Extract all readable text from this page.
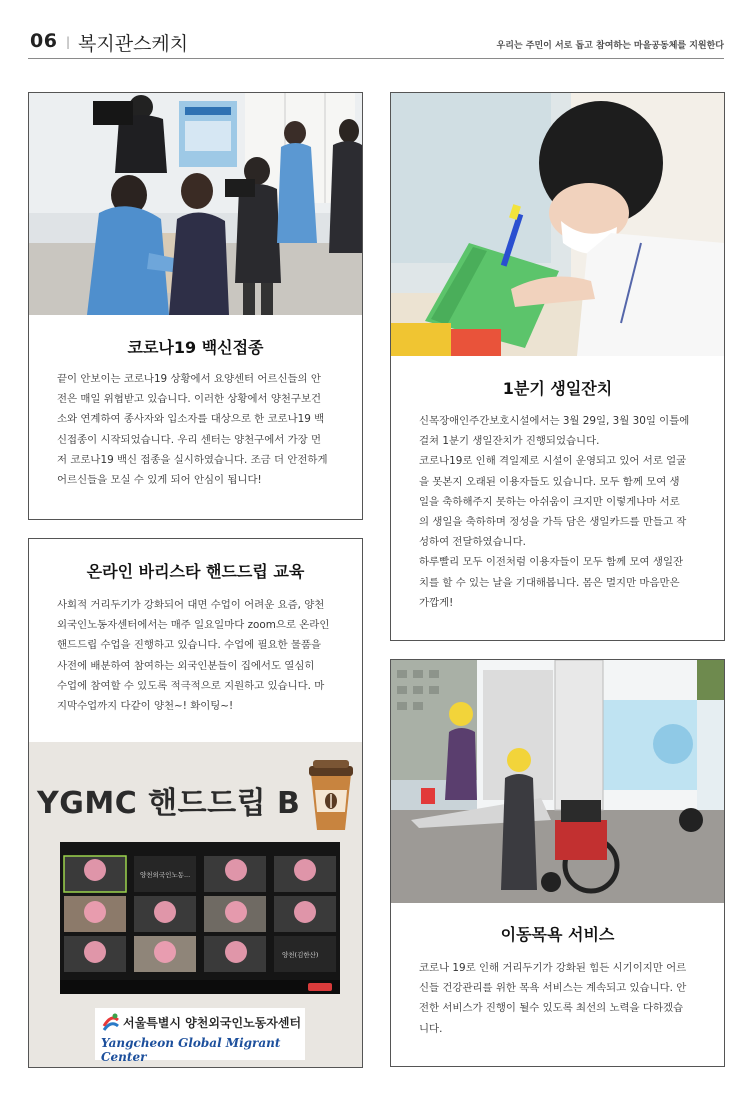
06 | 복지관스케치	우리는 주민이 서로 돕고 참여하는 마을공동체를 지원한다
코로나19 백신접종

끝이 안보이는 코로나19 상황에서 요양센터 어르신들의 안
전은 매일 위협받고 있습니다. 이러한 상황에서 양천구보건
소와 연계하여 종사자와 입소자를 대상으로 한 코로나19 백
신접종이 시작되었습니다. 우리 센터는 양천구에서 가장 먼
저 코로나19 백신 접종을 실시하였습니다. 조금 더 안전하게
어르신들을 모실 수 있게 되어 안심이 됩니다!

1분기 생일잔치

신목장애인주간보호시설에서는 3월 29일, 3월 30일 이틀에
걸쳐 1분기 생일잔치가 진행되었습니다.
코로나19로 인해 격일제로 시설이 운영되고 있어 서로 얼굴
을 못본지 오래된 이용자들도 있습니다. 모두 함께 모여 생
일을 축하해주지 못하는 아쉬움이 크지만 이렇게나마 서로
의 생일을 축하하며 정성을 가득 담은 생일카드를 만들고 작
성하여 전달하였습니다.
하루빨리 모두 이전처럼 이용자들이 모두 함께 모여 생일잔
치를 할 수 있는 날을 기대해봅니다. 몸은 멀지만 마음만은
가깝게!

온라인 바리스타 핸드드립 교육

사회적 거리두기가 강화되어 대면 수업이 어려운 요즘, 양천
외국인노동자센터에서는 매주 일요일마다 zoom으로 온라인
핸드드립 수업을 진행하고 있습니다. 수업에 필요한 물품을
사전에 배분하여 참여하는 외국인분들이 집에서도 열심히
수업에 참여할 수 있도록 적극적으로 지원하고 있습니다. 마
지막수업까지 다같이 양천~! 화이팅~!

YGMC 핸드드립 B
양천외국인노동...
양천(김한산)
서울특별시 양천외국인노동자센터
Yangcheon Global Migrant Center
이동목욕 서비스

코로나 19로 인해 거리두기가 강화된 힘든 시기이지만 어르
신들 건강관리를 위한 목욕 서비스는 계속되고 있습니다. 안
전한 서비스가 진행이 될수 있도록 최선의 노력을 다하겠습
니다.
